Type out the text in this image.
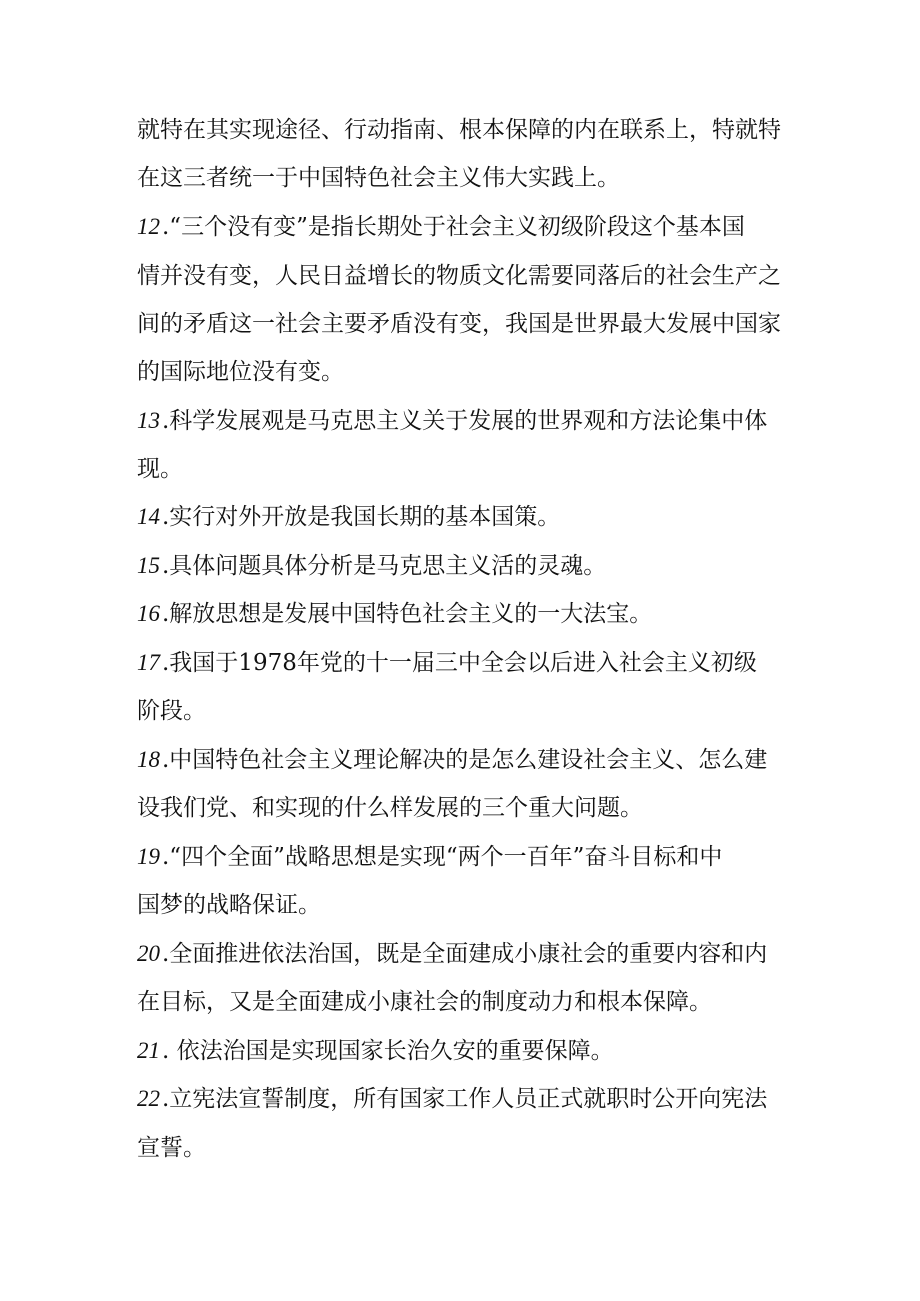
就特在其实现途径、行动指南、根本保障的内在联系上，特就特
在这三者统一于中国特色社会主义伟大实践上。
12.“三个没有变”是指长期处于社会主义初级阶段这个基本国
情并没有变，人民日益增长的物质文化需要同落后的社会生产之
间的矛盾这一社会主要矛盾没有变，我国是世界最大发展中国家
的国际地位没有变。
13.科学发展观是马克思主义关于发展的世界观和方法论集中体
现。
14.实行对外开放是我国长期的基本国策。
15.具体问题具体分析是马克思主义活的灵魂。
16.解放思想是发展中国特色社会主义的一大法宝。
17.我国于1978年党的十一届三中全会以后进入社会主义初级
阶段。
18.中国特色社会主义理论解决的是怎么建设社会主义、怎么建
设我们党、和实现的什么样发展的三个重大问题。
19.“四个全面”战略思想是实现“两个一百年”奋斗目标和中
国梦的战略保证。
20.全面推进依法治国，既是全面建成小康社会的重要内容和内
在目标，又是全面建成小康社会的制度动力和根本保障。
21. 依法治国是实现国家长治久安的重要保障。
22.立宪法宣誓制度，所有国家工作人员正式就职时公开向宪法
宣誓。
